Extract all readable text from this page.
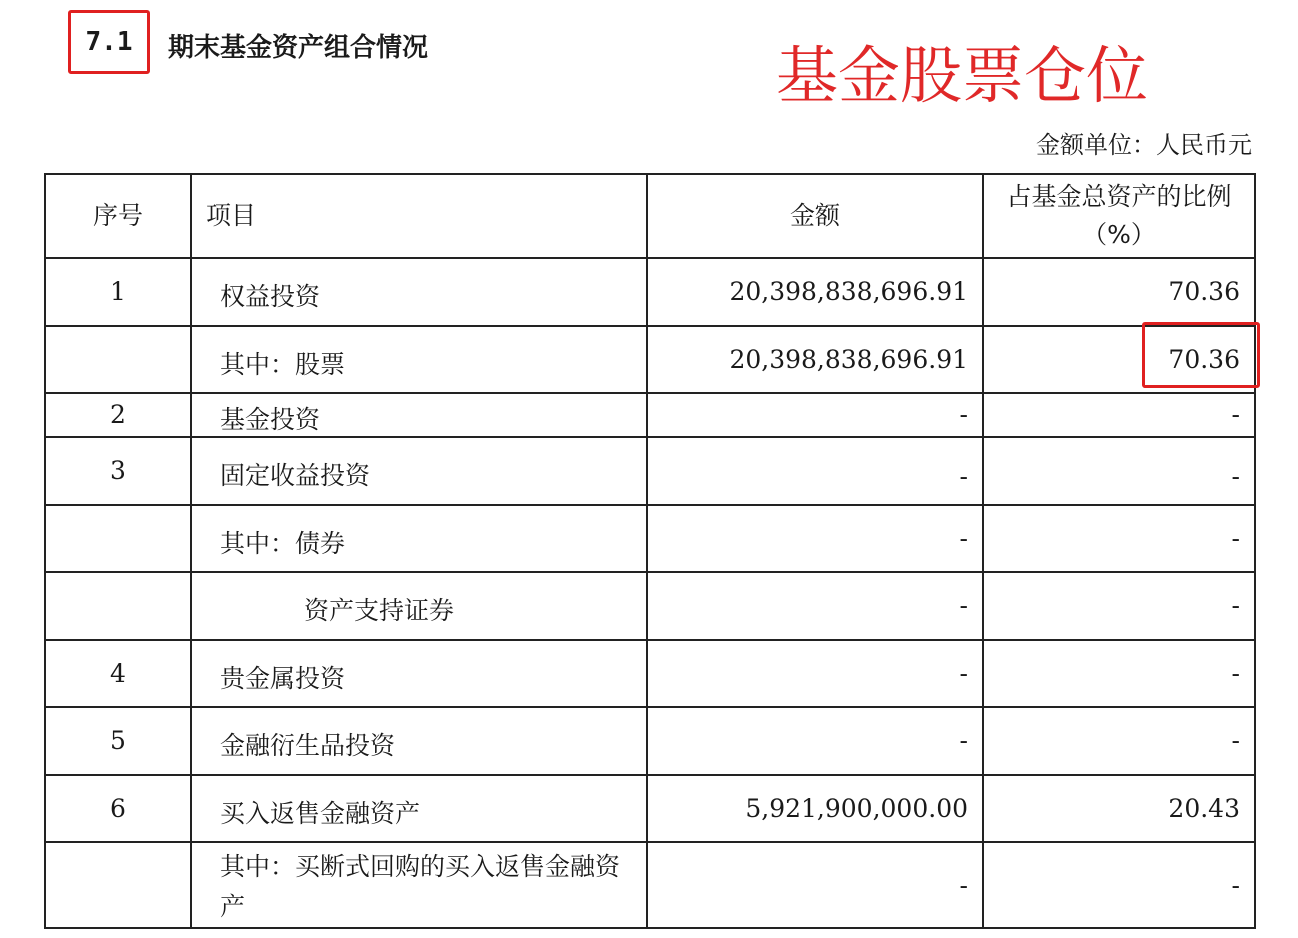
7.1	期末基金资产组合情况	基金股票仓位
金额单位：人民币元
序号	项目	金额	占基金总资产的比例（%）
1	权益投资	20,398,838,696.91	70.36
	其中：股票	20,398,838,696.91	70.36
2	基金投资	-	-
3	固定收益投资	-	-
	其中：债券	-	-
	资产支持证券	-	-
4	贵金属投资	-	-
5	金融衍生品投资	-	-
6	买入返售金融资产	5,921,900,000.00	20.43
	其中：买断式回购的买入返售金融资产	-	-
